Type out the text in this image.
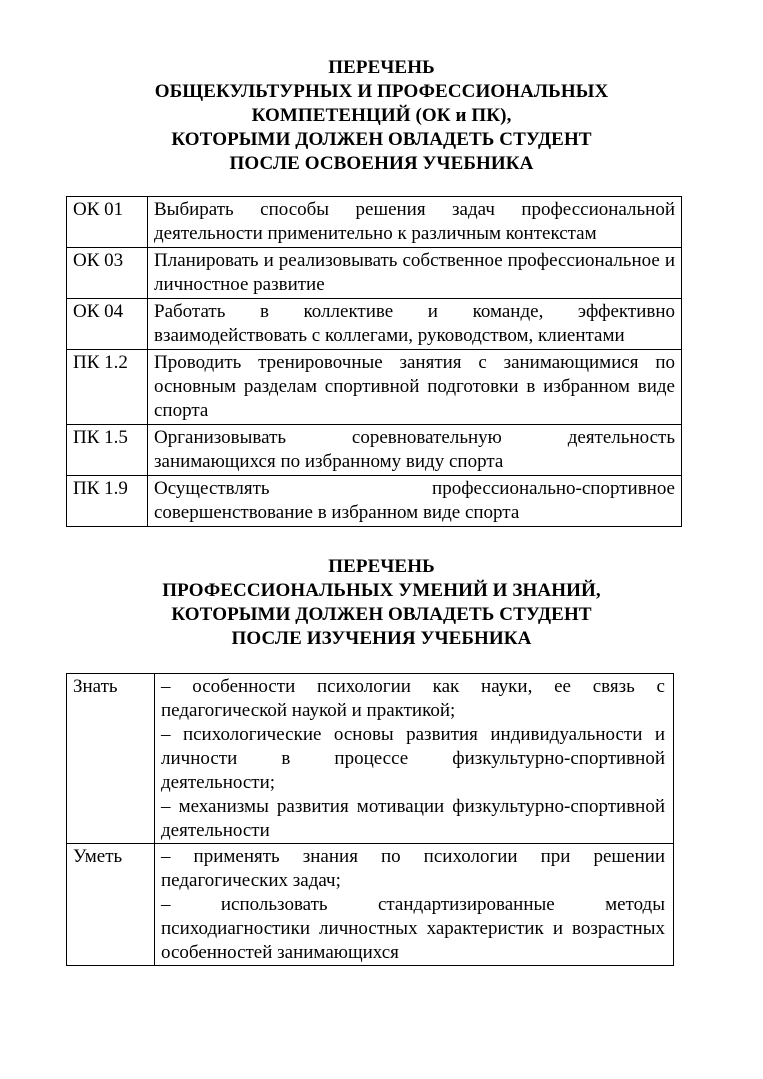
ПЕРЕЧЕНЬ
ОБЩЕКУЛЬТУРНЫХ И ПРОФЕССИОНАЛЬНЫХ
КОМПЕТЕНЦИЙ (ОК и ПК),
КОТОРЫМИ ДОЛЖЕН ОВЛАДЕТЬ СТУДЕНТ
ПОСЛЕ ОСВОЕНИЯ УЧЕБНИКА
ОК 01	Выбирать способы решения задач профессиональной деятельности применительно к различным контекстам
ОК 03	Планировать и реализовывать собственное профессиональное и личностное развитие
ОК 04	Работать в коллективе и команде, эффективно взаимодействовать с коллегами, руководством, клиентами
ПК 1.2	Проводить тренировочные занятия с занимающимися по основным разделам спортивной подготовки в избранном виде спорта
ПК 1.5	Организовывать соревновательную деятельность занимающихся по избранному виду спорта
ПК 1.9	Осуществлять профессионально-спортивное совершенствование в избранном виде спорта
ПЕРЕЧЕНЬ
ПРОФЕССИОНАЛЬНЫХ УМЕНИЙ И ЗНАНИЙ,
КОТОРЫМИ ДОЛЖЕН ОВЛАДЕТЬ СТУДЕНТ
ПОСЛЕ ИЗУЧЕНИЯ УЧЕБНИКА
Знать	– особенности психологии как науки, ее связь с педагогической наукой и практикой;
– психологические основы развития индивидуальности и личности в процессе физкультурно-спортивной деятельности;
– механизмы развития мотивации физкультурно-спортивной деятельности

Уметь	– применять знания по психологии при решении педагогических задач;
– использовать стандартизированные методы психодиагностики личностных характеристик и возрастных особенностей занимающихся
